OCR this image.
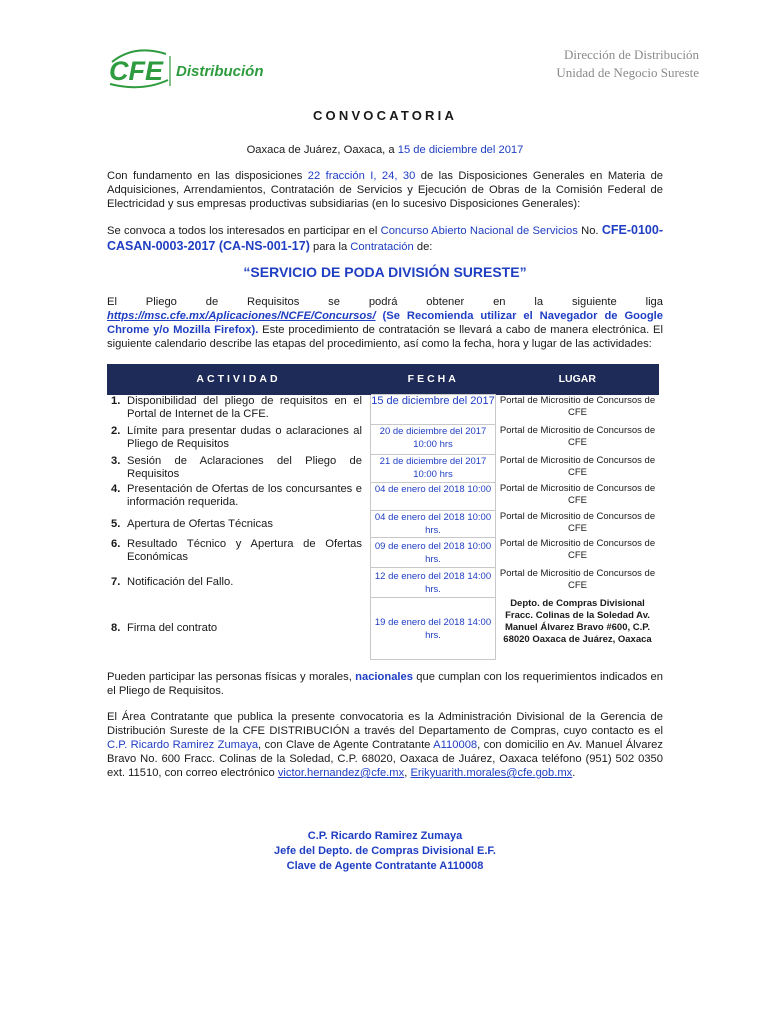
CFE Distribución
Dirección de Distribución
Unidad de Negocio Sureste
CONVOCATORIA
Oaxaca de Juárez, Oaxaca, a 15 de diciembre del 2017
Con fundamento en las disposiciones 22 fracción I, 24, 30 de las Disposiciones Generales en Materia de Adquisiciones, Arrendamientos, Contratación de Servicios y Ejecución de Obras de la Comisión Federal de Electricidad y sus empresas productivas subsidiarias (en lo sucesivo Disposiciones Generales):
Se convoca a todos los interesados en participar en el Concurso Abierto Nacional de Servicios No. CFE-0100-CASAN-0003-2017 (CA-NS-001-17) para la Contratación de:
“SERVICIO DE PODA DIVISIÓN SURESTE”
El Pliego de Requisitos se podrá obtener en la siguiente liga https://msc.cfe.mx/Aplicaciones/NCFE/Concursos/ (Se Recomienda utilizar el Navegador de Google Chrome y/o Mozilla Firefox). Este procedimiento de contratación se llevará a cabo de manera electrónica. El siguiente calendario describe las etapas del procedimiento, así como la fecha, hora y lugar de las actividades:
ACTIVIDAD	FECHA	LUGAR
1. Disponibilidad del pliego de requisitos en el Portal de Internet de la CFE.	15 de diciembre del 2017	Portal de Micrositio de Concursos de CFE
2. Límite para presentar dudas o aclaraciones al Pliego de Requisitos	20 de diciembre del 2017 10:00 hrs	Portal de Micrositio de Concursos de CFE
3. Sesión de Aclaraciones del Pliego de Requisitos	21 de diciembre del 2017 10:00 hrs	Portal de Micrositio de Concursos de CFE
4. Presentación de Ofertas de los concursantes e información requerida.	04 de enero del 2018 10:00	Portal de Micrositio de Concursos de CFE
5. Apertura de Ofertas Técnicas	04 de enero del 2018 10:00 hrs.	Portal de Micrositio de Concursos de CFE
6. Resultado Técnico y Apertura de Ofertas Económicas	09 de enero del 2018 10:00 hrs.	Portal de Micrositio de Concursos de CFE
7. Notificación del Fallo.	12 de enero del 2018 14:00 hrs.	Portal de Micrositio de Concursos de CFE
8. Firma del contrato	19 de enero del 2018 14:00 hrs.	Depto. de Compras Divisional Fracc. Colinas de la Soledad Av. Manuel Álvarez Bravo #600, C.P. 68020 Oaxaca de Juárez, Oaxaca
Pueden participar las personas físicas y morales, nacionales que cumplan con los requerimientos indicados en el Pliego de Requisitos.
El Área Contratante que publica la presente convocatoria es la Administración Divisional de la Gerencia de Distribución Sureste de la CFE DISTRIBUCIÓN a través del Departamento de Compras, cuyo contacto es el C.P. Ricardo Ramirez Zumaya, con Clave de Agente Contratante A110008, con domicilio en Av. Manuel Álvarez Bravo No. 600 Fracc. Colinas de la Soledad, C.P. 68020, Oaxaca de Juárez, Oaxaca teléfono (951) 502 0350 ext. 11510, con correo electrónico victor.hernandez@cfe.mx, Erikyuarith.morales@cfe.gob.mx.
C.P. Ricardo Ramirez Zumaya
Jefe del Depto. de Compras Divisional E.F.
Clave de Agente Contratante A110008
